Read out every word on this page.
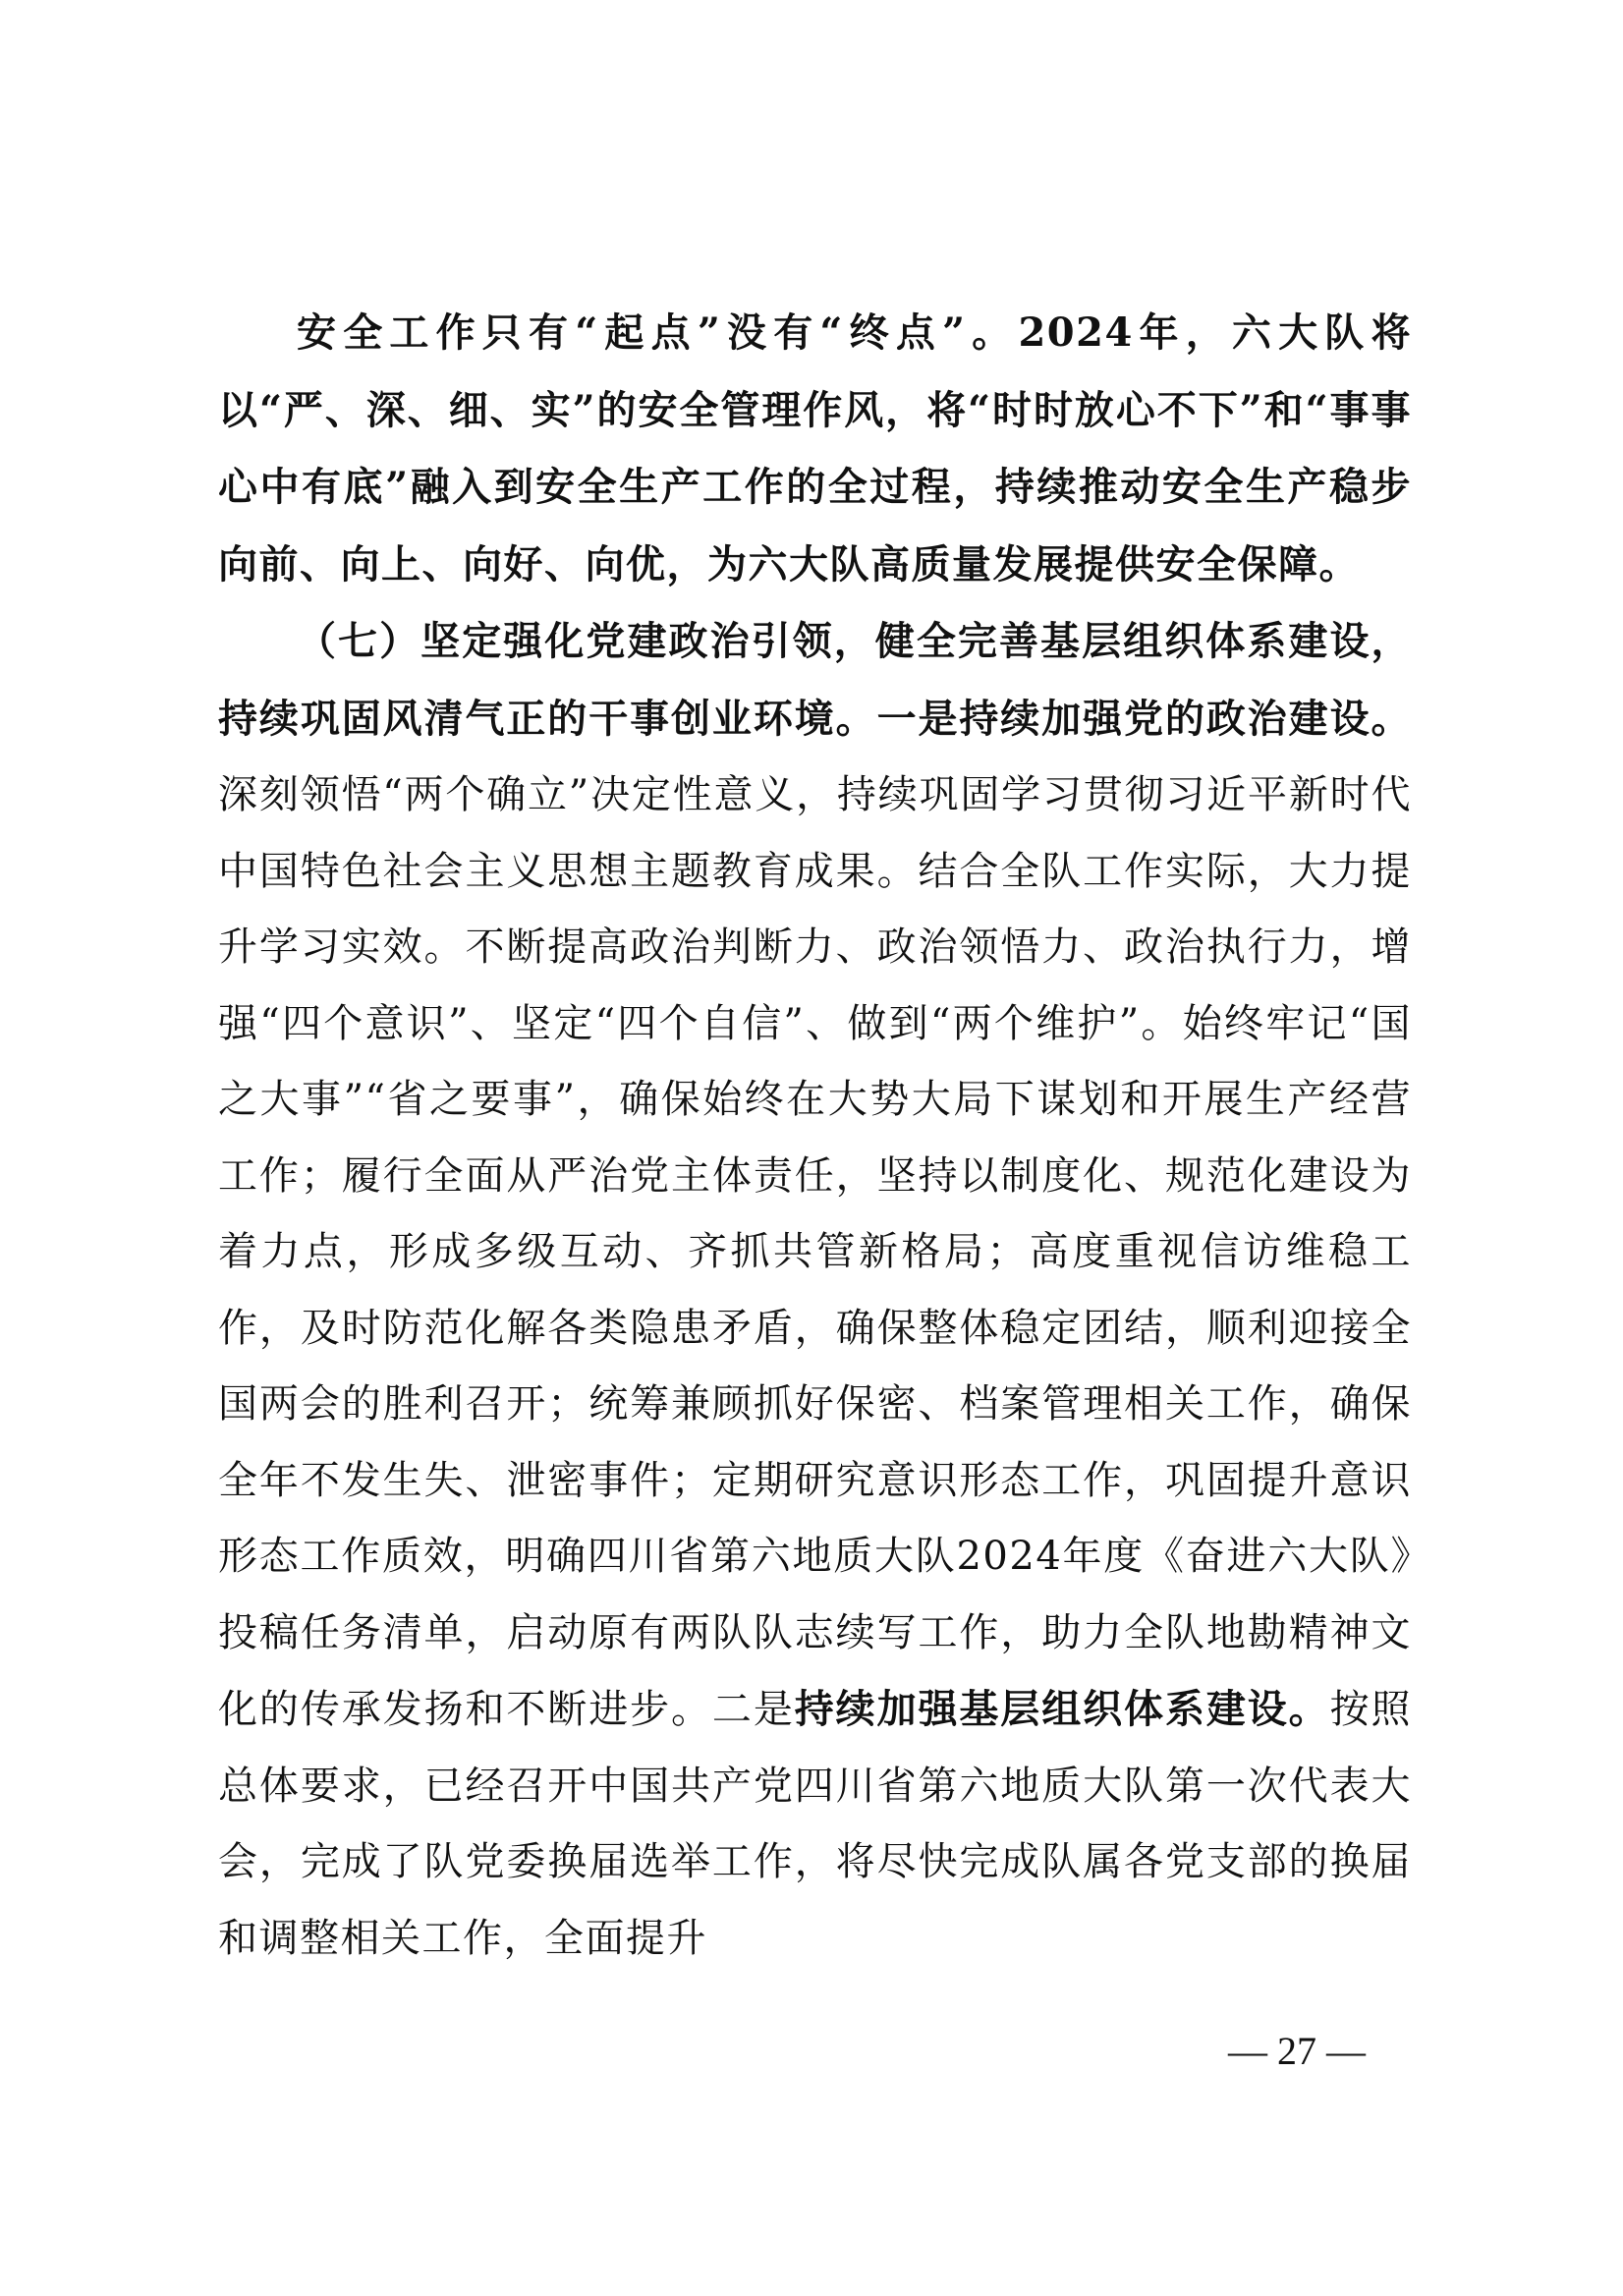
安全工作只有“起点”没有“终点”。2024年，六大队将以“严、深、细、实”的安全管理作风，将“时时放心不下”和“事事心中有底”融入到安全生产工作的全过程，持续推动安全生产稳步向前、向上、向好、向优，为六大队高质量发展提供安全保障。

（七）坚定强化党建政治引领，健全完善基层组织体系建设，持续巩固风清气正的干事创业环境。一是持续加强党的政治建设。深刻领悟“两个确立”决定性意义，持续巩固学习贯彻习近平新时代中国特色社会主义思想主题教育成果。结合全队工作实际，大力提升学习实效。不断提高政治判断力、政治领悟力、政治执行力，增强“四个意识”、坚定“四个自信”、做到“两个维护”。始终牢记“国之大事”“省之要事”，确保始终在大势大局下谋划和开展生产经营工作；履行全面从严治党主体责任，坚持以制度化、规范化建设为着力点，形成多级互动、齐抓共管新格局；高度重视信访维稳工作，及时防范化解各类隐患矛盾，确保整体稳定团结，顺利迎接全国两会的胜利召开；统筹兼顾抓好保密、档案管理相关工作，确保全年不发生失、泄密事件；定期研究意识形态工作，巩固提升意识形态工作质效，明确四川省第六地质大队2024年度《奋进六大队》投稿任务清单，启动原有两队队志续写工作，助力全队地勘精神文化的传承发扬和不断进步。二是持续加强基层组织体系建设。按照总体要求，已经召开中国共产党四川省第六地质大队第一次代表大会，完成了队党委换届选举工作，将尽快完成队属各党支部的换届和调整相关工作，全面提升

— 27 —
